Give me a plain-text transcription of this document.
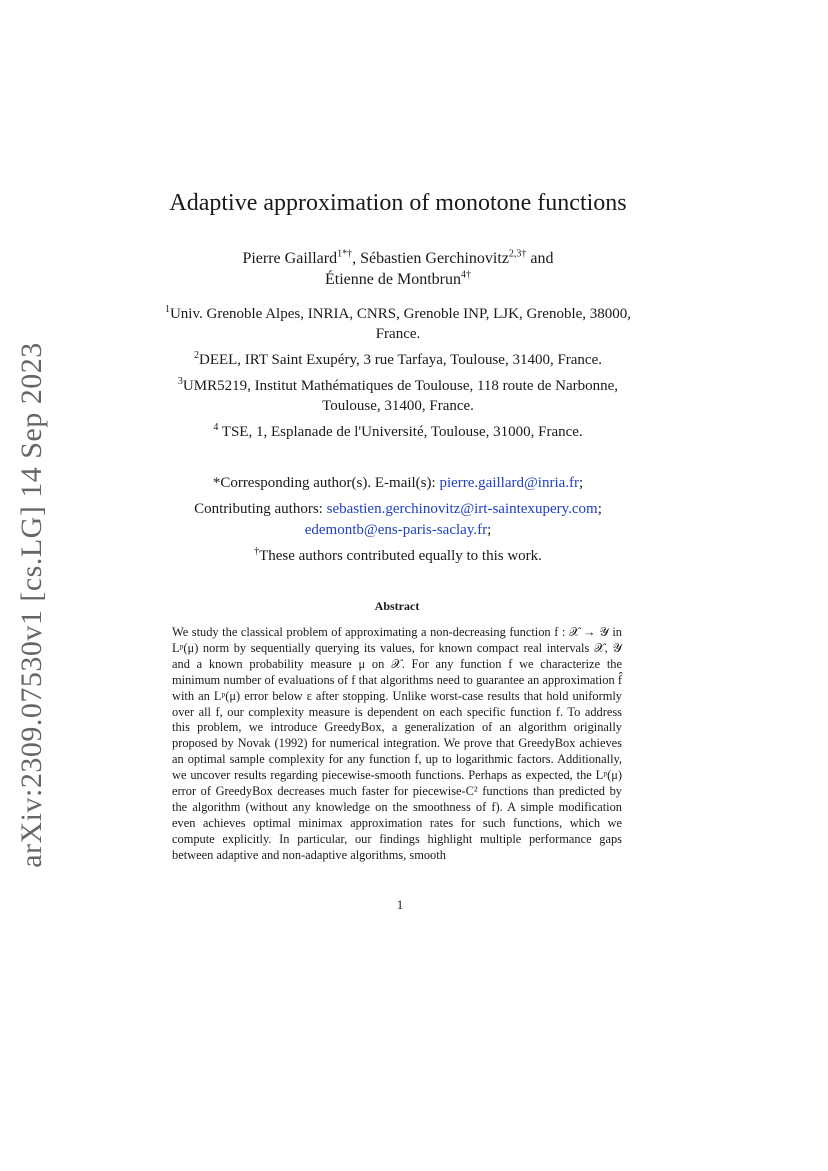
arXiv:2309.07530v1 [cs.LG] 14 Sep 2023
Adaptive approximation of monotone functions
Pierre Gaillard$^{1*\dagger}$, Sébastien Gerchinovitz$^{2,3\dagger}$ and
Étienne de Montbrun$^{4\dagger}$
$^1$Univ. Grenoble Alpes, INRIA, CNRS, Grenoble INP, LJK, Grenoble, 38000, France.
$^2$DEEL, IRT Saint Exupéry, 3 rue Tarfaya, Toulouse, 31400, France.
$^3$UMR5219, Institut Mathématiques de Toulouse, 118 route de Narbonne, Toulouse, 31400, France.
$^4$ TSE, 1, Esplanade de l'Université, Toulouse, 31000, France.

*Corresponding author(s). E-mail(s): pierre.gaillard@inria.fr;

Contributing authors: sebastien.gerchinovitz@irt-saintexupery.com;
edemontb@ens-paris-saclay.fr;

†These authors contributed equally to this work.

Abstract

We study the classical problem of approximating a non-decreasing function f : 𝒳 → 𝒴 in Lᵖ(μ) norm by sequentially querying its values, for known compact real intervals 𝒳, 𝒴 and a known probability measure μ on 𝒳. For any function f we characterize the minimum number of evaluations of f that algorithms need to guarantee an approximation f̂ with an Lᵖ(μ) error below ε after stopping. Unlike worst-case results that hold uniformly over all f, our complexity measure is dependent on each specific function f. To address this problem, we introduce GreedyBox, a generalization of an algorithm originally proposed by Novak (1992) for numerical integration. We prove that GreedyBox achieves an optimal sample complexity for any function f, up to logarithmic factors. Additionally, we uncover results regarding piecewise-smooth functions. Perhaps as expected, the Lᵖ(μ) error of GreedyBox decreases much faster for piecewise-C² functions than predicted by the algorithm (without any knowledge on the smoothness of f). A simple modification even achieves optimal minimax approximation rates for such functions, which we compute explicitly. In particular, our findings highlight multiple performance gaps between adaptive and non-adaptive algorithms, smooth

1
